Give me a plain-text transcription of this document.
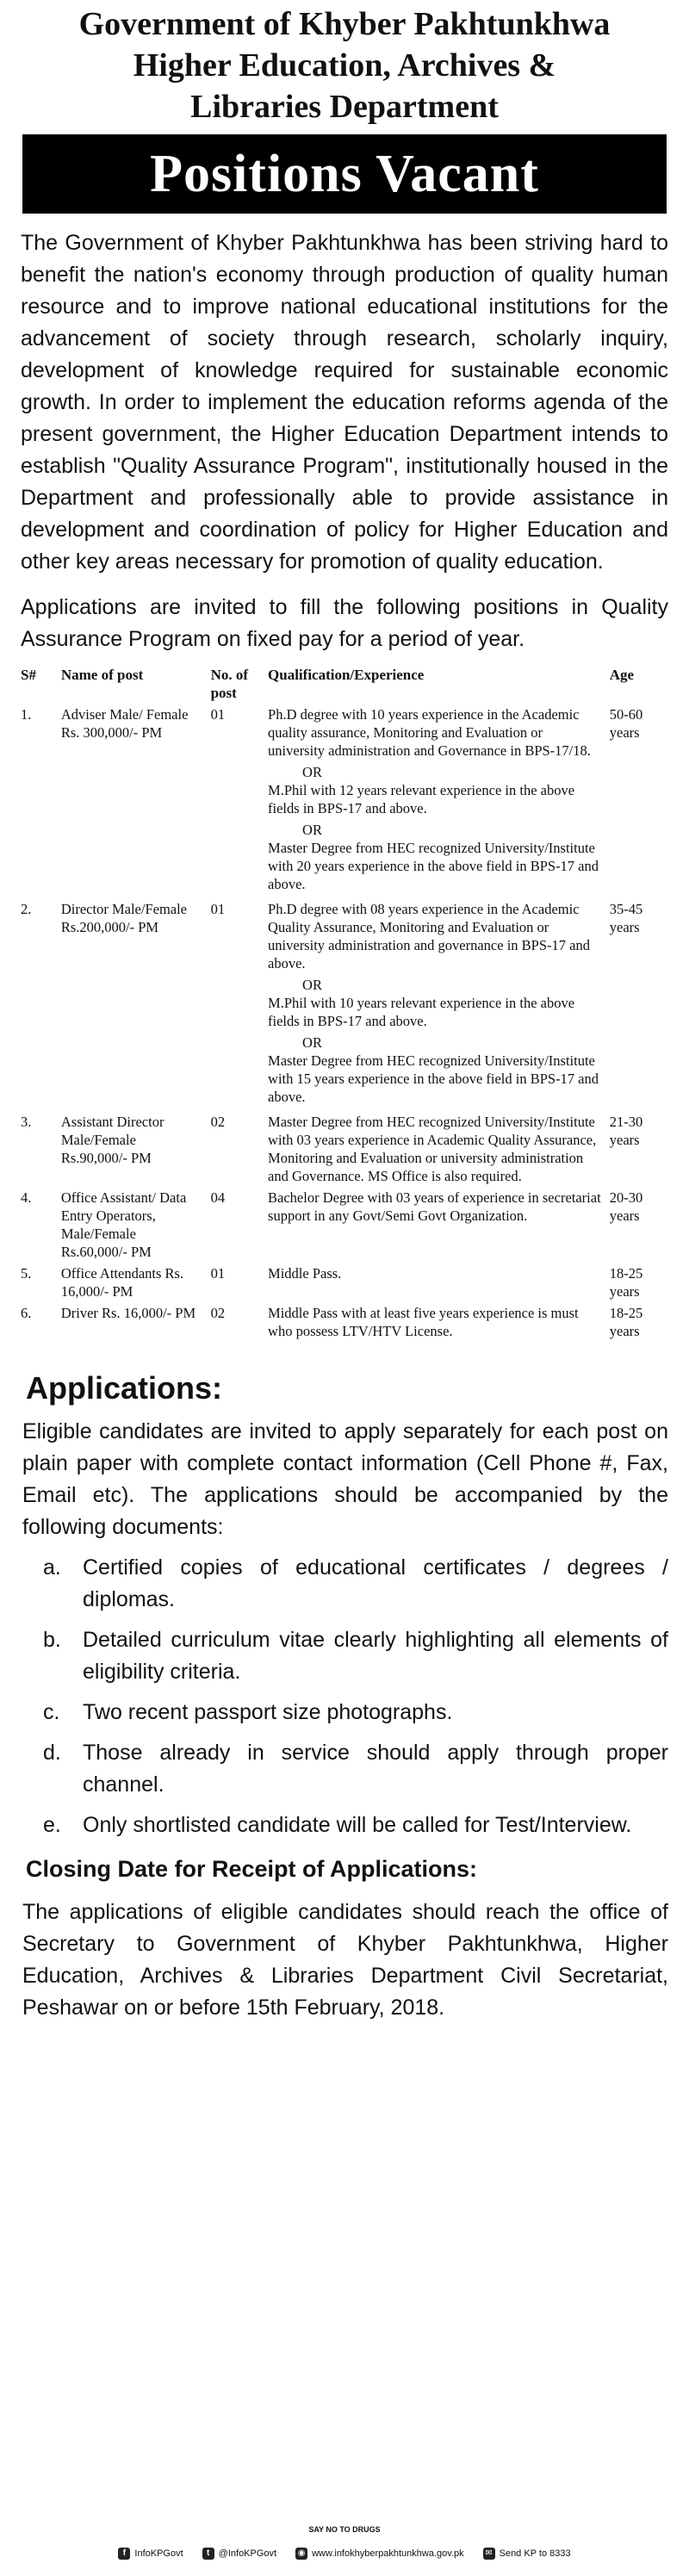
Government of Khyber Pakhtunkhwa
Higher Education, Archives &
Libraries Department
Positions Vacant
The Government of Khyber Pakhtunkhwa has been striving hard to benefit the nation's economy through production of quality human resource and to improve national educational institutions for the advancement of society through research, scholarly inquiry, development of knowledge required for sustainable economic growth. In order to implement the education reforms agenda of the present government, the Higher Education Department intends to establish "Quality Assurance Program", institutionally housed in the Department and professionally able to provide assistance in development and coordination of policy for Higher Education and other key areas necessary for promotion of quality education.
Applications are invited to fill the following positions in Quality Assurance Program on fixed pay for a period of year.
S#	Name of post	No. of post	Qualification/Experience	Age
1.	Adviser Male/ Female Rs. 300,000/- PM	01	Ph.D degree with 10 years experience in the Academic quality assurance, Monitoring and Evaluation or university administration and Governance in BPS-17/18.
OR
M.Phil with 12 years relevant experience in the above fields in BPS-17 and above.
OR
Master Degree from HEC recognized University/Institute with 20 years experience in the above field in BPS-17 and above.	50-60 years
2.	Director Male/Female Rs.200,000/- PM	01	Ph.D degree with 08 years experience in the Academic Quality Assurance, Monitoring and Evaluation or university administration and governance in BPS-17 and above.
OR
M.Phil with 10 years relevant experience in the above fields in BPS-17 and above.
OR
Master Degree from HEC recognized University/Institute with 15 years experience in the above field in BPS-17 and above.	35-45 years
3.	Assistant Director Male/Female Rs.90,000/- PM	02	Master Degree from HEC recognized University/Institute with 03 years experience in Academic Quality Assurance, Monitoring and Evaluation or university administration and Governance. MS Office is also required.	21-30 years
4.	Office Assistant/ Data Entry Operators, Male/Female Rs.60,000/- PM	04	Bachelor Degree with 03 years of experience in secretariat support in any Govt/Semi Govt Organization.	20-30 years
5.	Office Attendants Rs. 16,000/- PM	01	Middle Pass.	18-25 years
6.	Driver Rs. 16,000/- PM	02	Middle Pass with at least five years experience is must who possess LTV/HTV License.	18-25 years
Applications:
Eligible candidates are invited to apply separately for each post on plain paper with complete contact information (Cell Phone #, Fax, Email etc). The applications should be accompanied by the following documents:
a.	Certified copies of educational certificates / degrees / diplomas.
b.	Detailed curriculum vitae clearly highlighting all elements of eligibility criteria.
c.	Two recent passport size photographs.
d.	Those already in service should apply through proper channel.
e.	Only shortlisted candidate will be called for Test/Interview.
Closing Date for Receipt of Applications:
The applications of eligible candidates should reach the office of Secretary to Government of Khyber Pakhtunkhwa, Higher Education, Archives & Libraries Department Civil Secretariat, Peshawar on or before 15th February, 2018.
SAY NO TO DRUGS
f InfoKPGovt	t @InfoKPGovt ◉ www.infokhyberpakhtunkhwa.gov.pk ✉ Send KP to 8333
